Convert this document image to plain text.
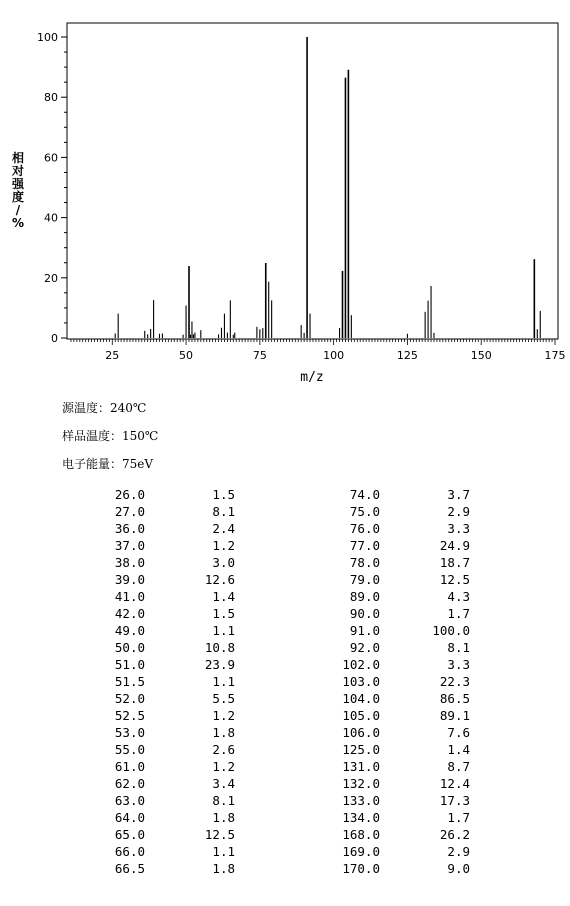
0
20
40
60
80
100
25	50	75	100	125	150	175
m/z
相对强度/ %
源温度：240℃
样品温度：150℃
电子能量：75eV
26.0	1.5
27.0	8.1
36.0	2.4
37.0	1.2
38.0	3.0
39.0	12.6
41.0	1.4
42.0	1.5
49.0	1.1
50.0	10.8
51.0	23.9
51.5	1.1
52.0	5.5
52.5	1.2
53.0	1.8
55.0	2.6
61.0	1.2
62.0	3.4
63.0	8.1
64.0	1.8
65.0	12.5
66.0	1.1
66.5	1.8
74.0	3.7
75.0	2.9
76.0	3.3
77.0	24.9
78.0	18.7
79.0	12.5
89.0	4.3
90.0	1.7
91.0	100.0
92.0	8.1
102.0	3.3
103.0	22.3
104.0	86.5
105.0	89.1
106.0	7.6
125.0	1.4
131.0	8.7
132.0	12.4
133.0	17.3
134.0	1.7
168.0	26.2
169.0	2.9
170.0	9.0
